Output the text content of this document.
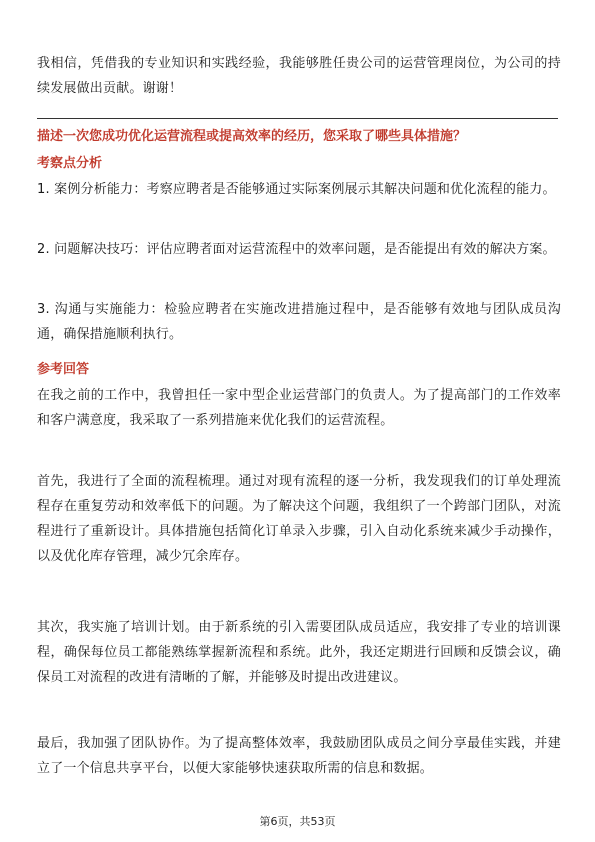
我相信，凭借我的专业知识和实践经验，我能够胜任贵公司的运营管理岗位，为公司的持续发展做出贡献。谢谢！

描述一次您成功优化运营流程或提高效率的经历，您采取了哪些具体措施？

考察点分析

1. 案例分析能力：考察应聘者是否能够通过实际案例展示其解决问题和优化流程的能力。

2. 问题解决技巧：评估应聘者面对运营流程中的效率问题，是否能提出有效的解决方案。

3. 沟通与实施能力：检验应聘者在实施改进措施过程中，是否能够有效地与团队成员沟通，确保措施顺利执行。

参考回答

在我之前的工作中，我曾担任一家中型企业运营部门的负责人。为了提高部门的工作效率和客户满意度，我采取了一系列措施来优化我们的运营流程。

首先，我进行了全面的流程梳理。通过对现有流程的逐一分析，我发现我们的订单处理流程存在重复劳动和效率低下的问题。为了解决这个问题，我组织了一个跨部门团队，对流程进行了重新设计。具体措施包括简化订单录入步骤，引入自动化系统来减少手动操作，以及优化库存管理，减少冗余库存。

其次，我实施了培训计划。由于新系统的引入需要团队成员适应，我安排了专业的培训课程，确保每位员工都能熟练掌握新流程和系统。此外，我还定期进行回顾和反馈会议，确保员工对流程的改进有清晰的了解，并能够及时提出改进建议。

最后，我加强了团队协作。为了提高整体效率，我鼓励团队成员之间分享最佳实践，并建立了一个信息共享平台，以便大家能够快速获取所需的信息和数据。

第6页，共53页
